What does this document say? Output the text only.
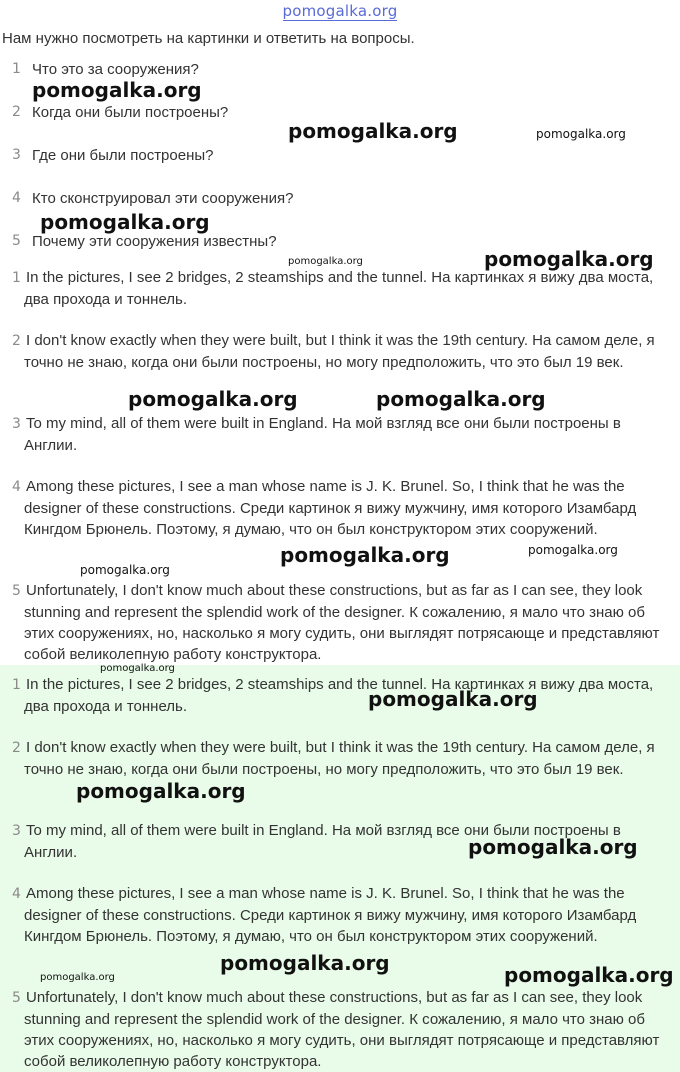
pomogalka.org
Нам нужно посмотреть на картинки и ответить на вопросы.
1 Что это за сооружения?
2 Когда они были построены?
3 Где они были построены?
4 Кто сконструировал эти сооружения?
5 Почему эти сооружения известны?
1 In the pictures, I see 2 bridges, 2 steamships and the tunnel. На картинках я вижу два моста, два прохода и тоннель.
2 I don't know exactly when they were built, but I think it was the 19th century. На самом деле, я точно не знаю, когда они были построены, но могу предположить, что это был 19 век.
3 To my mind, all of them were built in England. На мой взгляд все они были построены в Англии.
4 Among these pictures, I see a man whose name is J. K. Brunel. So, I think that he was the designer of these constructions. Среди картинок я вижу мужчину, имя которого Изамбард Кингдом Брюнель. Поэтому, я думаю, что он был конструктором этих сооружений.
5 Unfortunately, I don't know much about these constructions, but as far as I can see, they look stunning and represent the splendid work of the designer. К сожалению, я мало что знаю об этих сооружениях, но, насколько я могу судить, они выглядят потрясающе и представляют собой великолепную работу конструктора.
1 In the pictures, I see 2 bridges, 2 steamships and the tunnel. На картинках я вижу два моста, два прохода и тоннель.
2 I don't know exactly when they were built, but I think it was the 19th century. На самом деле, я точно не знаю, когда они были построены, но могу предположить, что это был 19 век.
3 To my mind, all of them were built in England. На мой взгляд все они были построены в Англии.
4 Among these pictures, I see a man whose name is J. K. Brunel. So, I think that he was the designer of these constructions. Среди картинок я вижу мужчину, имя которого Изамбард Кингдом Брюнель. Поэтому, я думаю, что он был конструктором этих сооружений.
5 Unfortunately, I don't know much about these constructions, but as far as I can see, they look stunning and represent the splendid work of the designer. К сожалению, я мало что знаю об этих сооружениях, но, насколько я могу судить, они выглядят потрясающе и представляют собой великолепную работу конструктора.
pomogalka.org
pomogalka.org	pomogalka.org
pomogalka.org
pomogalka.org
pomogalka.org
pomogalka.org	pomogalka.org
pomogalka.org	pomogalka.org
pomogalka.org
pomogalka.org
pomogalka.org
pomogalka.org
pomogalka.org
pomogalka.org	pomogalka.org
pomogalka.org
